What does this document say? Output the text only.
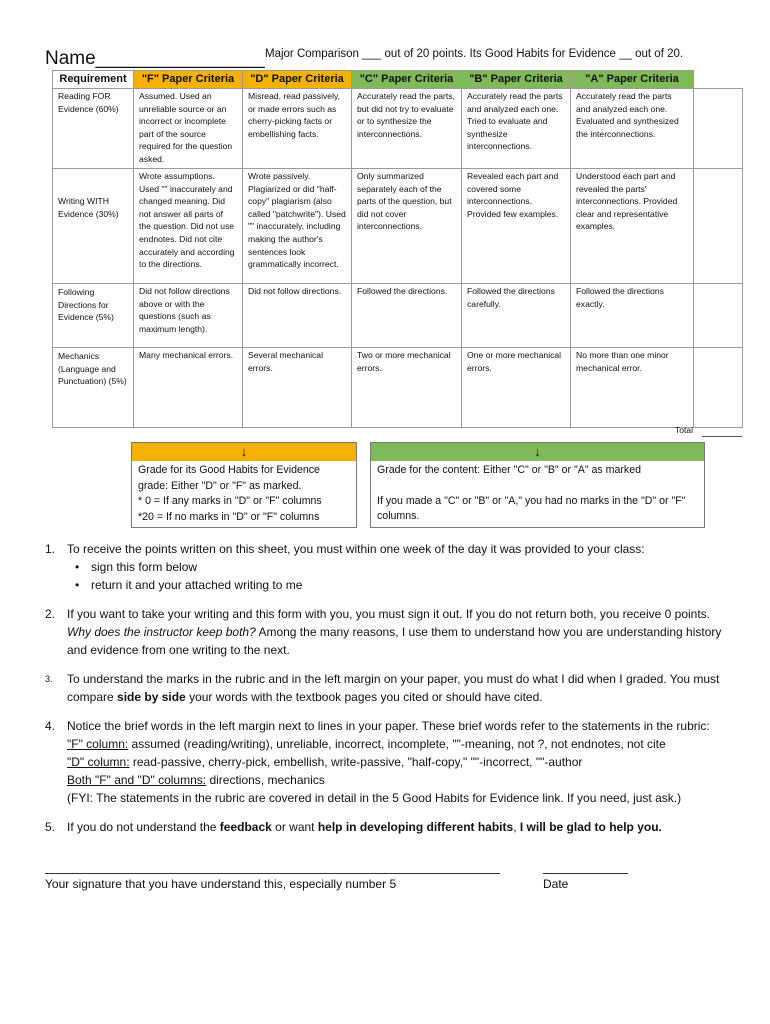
Name________________ Major Comparison ___ out of 20 points. Its Good Habits for Evidence __ out of 20.
Requirement	"F" Paper Criteria	"D" Paper Criteria	"C" Paper Criteria	"B" Paper Criteria	"A" Paper Criteria	
Reading FOR Evidence (60%)	Assumed. Used an unreliable source or an incorrect or incomplete part of the source required for the question asked.	Misread, read passively, or made errors such as cherry-picking facts or embellishing facts.	Accurately read the parts, but did not try to evaluate or to synthesize the interconnections.	Accurately read the parts and analyzed each one. Tried to evaluate and synthesize interconnections.	Accurately read the parts and analyzed each one. Evaluated and synthesized the interconnections.	
Writing WITH Evidence (30%)	Wrote assumptions. Used "" inaccurately and changed meaning. Did not answer all parts of the question. Did not use endnotes. Did not cite accurately and according to the directions.	Wrote passively. Plagiarized or did "half-copy" plagiarism (also called "patchwrite"). Used "" inaccurately, including making the author's sentences look grammatically incorrect.	Only summarized separately each of the parts of the question, but did not cover interconnections.	Revealed each part and covered some interconnections. Provided few examples.	Understood each part and revealed the parts' interconnections. Provided clear and representative examples.	
Following Directions for Evidence (5%)	Did not follow directions above or with the questions (such as maximum length).	Did not follow directions.	Followed the directions.	Followed the directions carefully.	Followed the directions exactly.	
Mechanics (Language and Punctuation) (5%)	Many mechanical errors.	Several mechanical errors.	Two or more mechanical errors.	One or more mechanical errors.	No more than one minor mechanical error.	
Total
↓
Grade for its Good Habits for Evidence
grade: Either "D" or "F" as marked.
* 0 = If any marks in "D" or "F" columns
*20 = If no marks in "D" or "F" columns
↓
Grade for the content: Either "C" or "B" or "A" as marked
If you made a "C" or "B" or "A," you had no marks in the "D" or "F" columns.
1. To receive the points written on this sheet, you must within one week of the day it was provided to your class:
• sign this form below
• return it and your attached writing to me
2. If you want to take your writing and this form with you, you must sign it out. If you do not return both, you receive 0 points. Why does the instructor keep both? Among the many reasons, I use them to understand how you are understanding history and evidence from one writing to the next.
3. To understand the marks in the rubric and in the left margin on your paper, you must do what I did when I graded. You must compare side by side your words with the textbook pages you cited or should have cited.
4. Notice the brief words in the left margin next to lines in your paper. These brief words refer to the statements in the rubric:
"F" column: assumed (reading/writing), unreliable, incorrect, incomplete, ""-meaning, not ?, not endnotes, not cite
"D" column: read-passive, cherry-pick, embellish, write-passive, "half-copy," ""-incorrect, ""-author
Both "F" and "D" columns: directions, mechanics
(FYI: The statements in the rubric are covered in detail in the 5 Good Habits for Evidence link. If you need, just ask.)
5. If you do not understand the feedback or want help in developing different habits, I will be glad to help you.
Your signature that you have understand this, especially number 5	Date
